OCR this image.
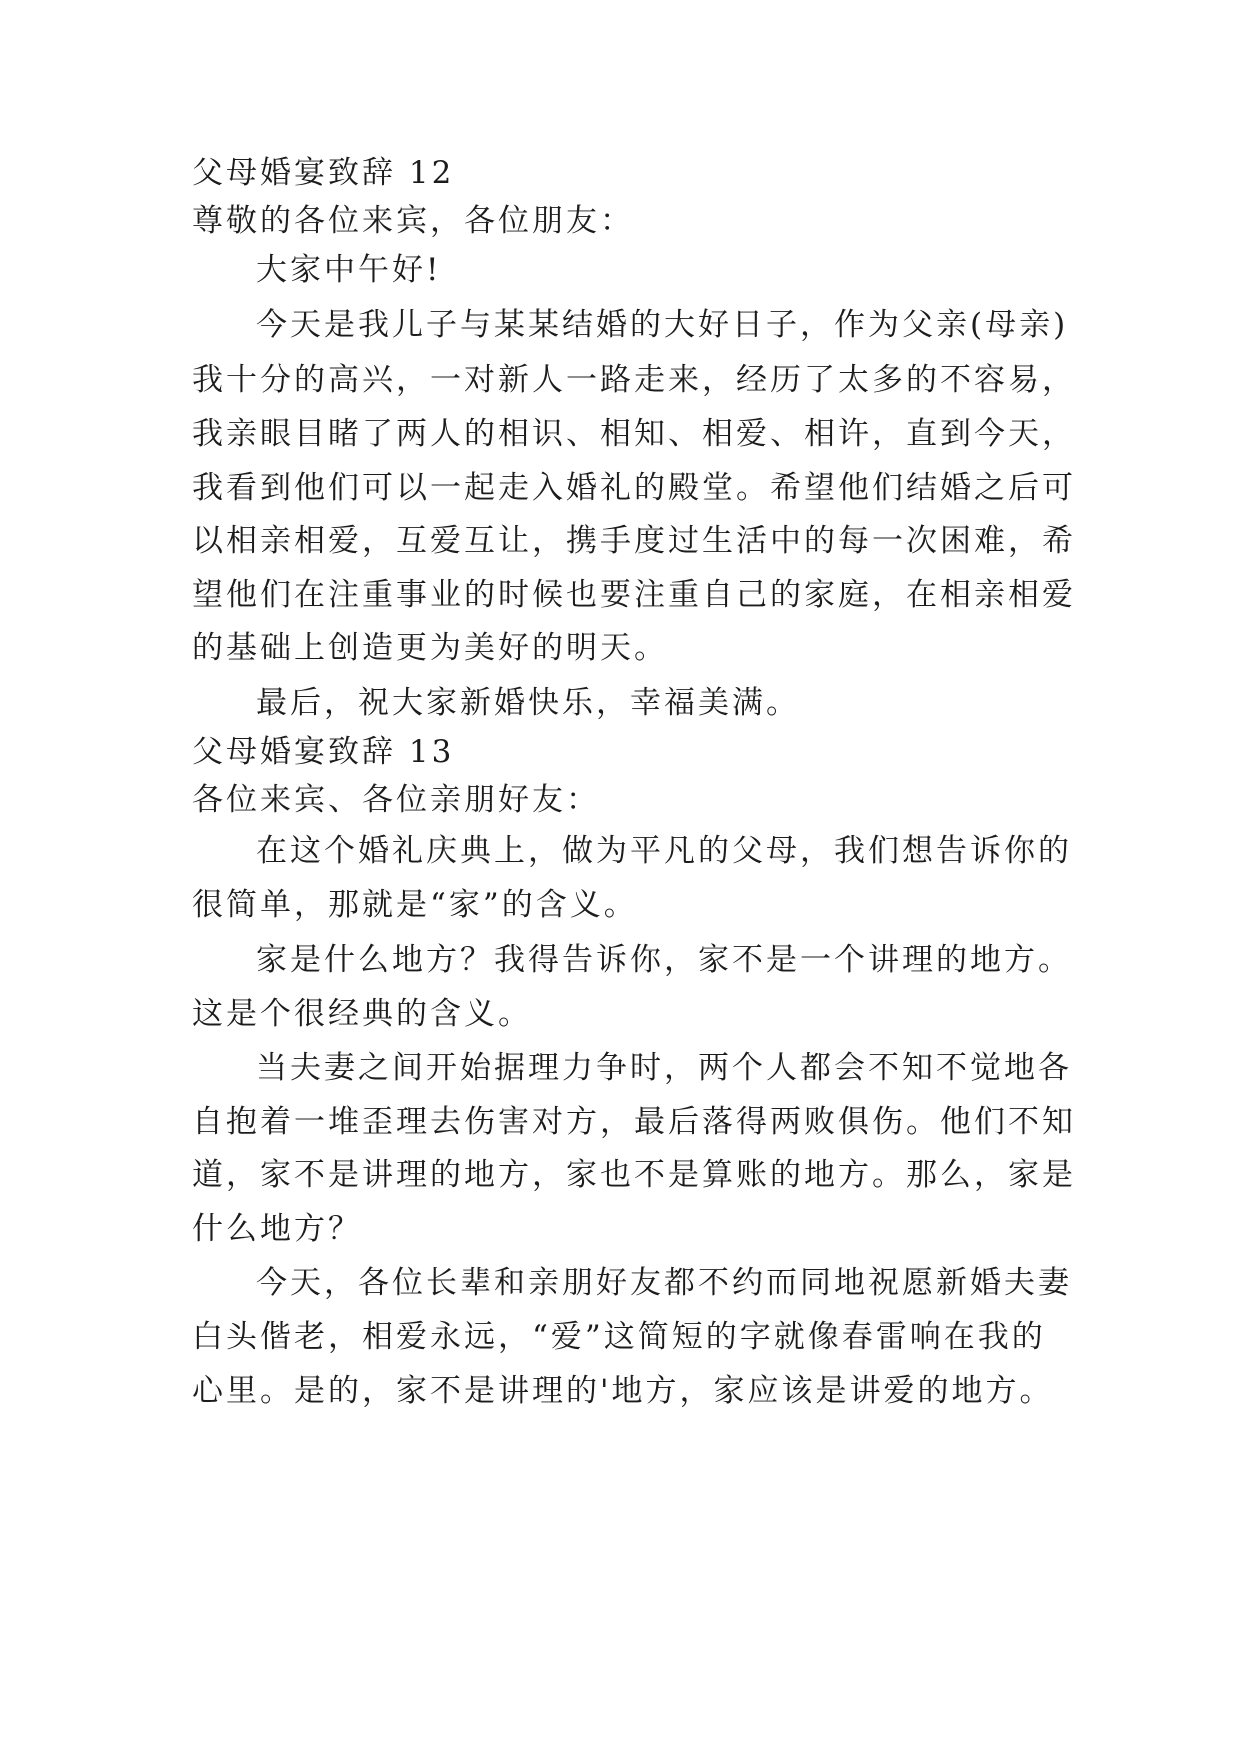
父母婚宴致辞 12
尊敬的各位来宾，各位朋友：
大家中午好!
今天是我儿子与某某结婚的大好日子，作为父亲(母亲)
我十分的高兴，一对新人一路走来，经历了太多的不容易，
我亲眼目睹了两人的相识、相知、相爱、相许，直到今天，
我看到他们可以一起走入婚礼的殿堂。希望他们结婚之后可
以相亲相爱，互爱互让，携手度过生活中的每一次困难，希
望他们在注重事业的时候也要注重自己的家庭，在相亲相爱
的基础上创造更为美好的明天。
最后，祝大家新婚快乐，幸福美满。
父母婚宴致辞 13
各位来宾、各位亲朋好友：
在这个婚礼庆典上，做为平凡的父母，我们想告诉你的
很简单，那就是“家”的含义。
家是什么地方？我得告诉你，家不是一个讲理的地方。
这是个很经典的含义。
当夫妻之间开始据理力争时，两个人都会不知不觉地各
自抱着一堆歪理去伤害对方，最后落得两败俱伤。他们不知
道，家不是讲理的地方，家也不是算账的地方。那么，家是
什么地方？
今天，各位长辈和亲朋好友都不约而同地祝愿新婚夫妻
白头偕老，相爱永远，“爱”这简短的字就像春雷响在我的
心里。是的，家不是讲理的'地方，家应该是讲爱的地方。
